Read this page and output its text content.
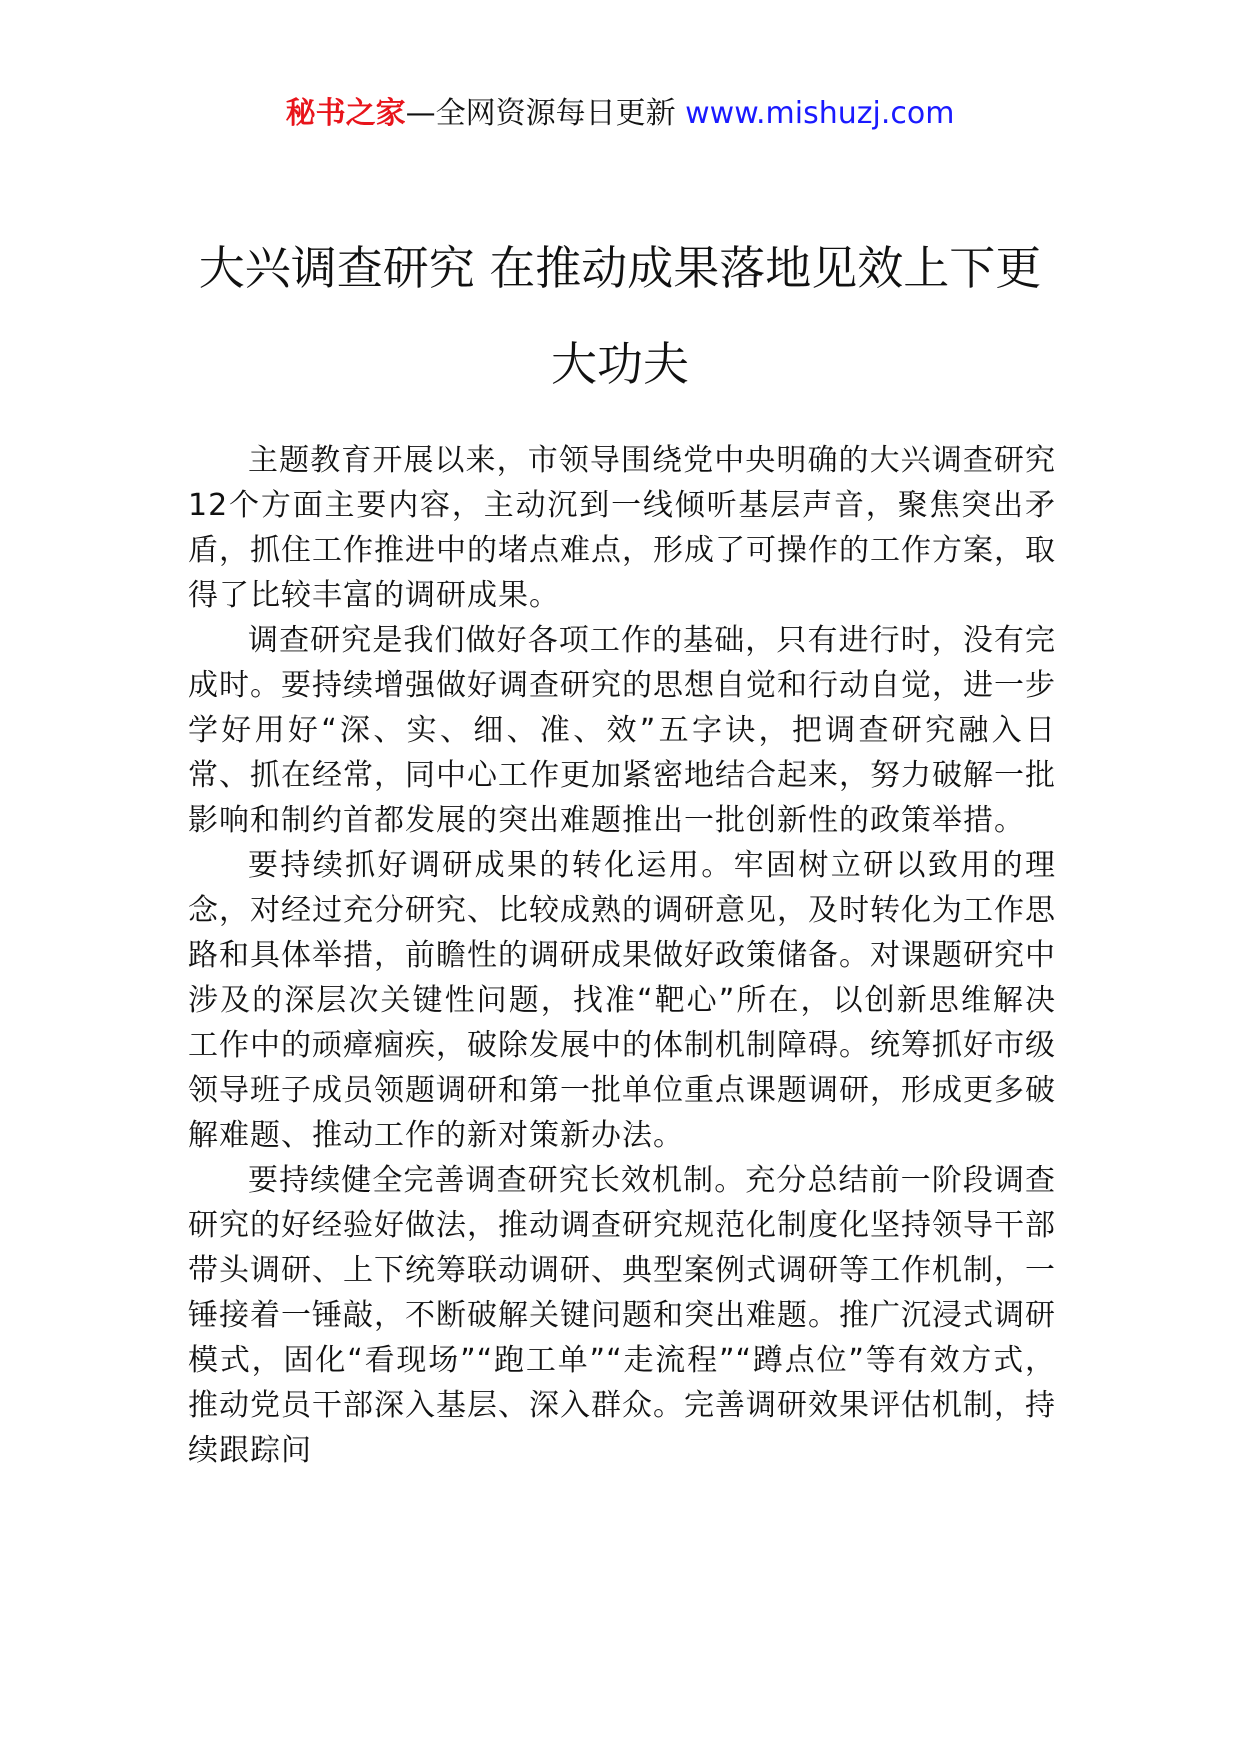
秘书之家—全网资源每日更新 www.mishuzj.com
大兴调查研究 在推动成果落地见效上下更
大功夫

主题教育开展以来，市领导围绕党中央明确的大兴调查研究12个方面主要内容，主动沉到一线倾听基层声音，聚焦突出矛盾，抓住工作推进中的堵点难点，形成了可操作的工作方案，取得了比较丰富的调研成果。

调查研究是我们做好各项工作的基础，只有进行时，没有完成时。要持续增强做好调查研究的思想自觉和行动自觉，进一步学好用好“深、实、细、准、效”五字诀，把调查研究融入日常、抓在经常，同中心工作更加紧密地结合起来，努力破解一批影响和制约首都发展的突出难题推出一批创新性的政策举措。

要持续抓好调研成果的转化运用。牢固树立研以致用的理念，对经过充分研究、比较成熟的调研意见，及时转化为工作思路和具体举措，前瞻性的调研成果做好政策储备。对课题研究中涉及的深层次关键性问题，找准“靶心”所在，以创新思维解决工作中的顽瘴痼疾，破除发展中的体制机制障碍。统筹抓好市级领导班子成员领题调研和第一批单位重点课题调研，形成更多破解难题、推动工作的新对策新办法。

要持续健全完善调查研究长效机制。充分总结前一阶段调查研究的好经验好做法，推动调查研究规范化制度化坚持领导干部带头调研、上下统筹联动调研、典型案例式调研等工作机制，一锤接着一锤敲，不断破解关键问题和突出难题。推广沉浸式调研模式，固化“看现场”“跑工单”“走流程”“蹲点位”等有效方式，推动党员干部深入基层、深入群众。完善调研效果评估机制，持续跟踪问
